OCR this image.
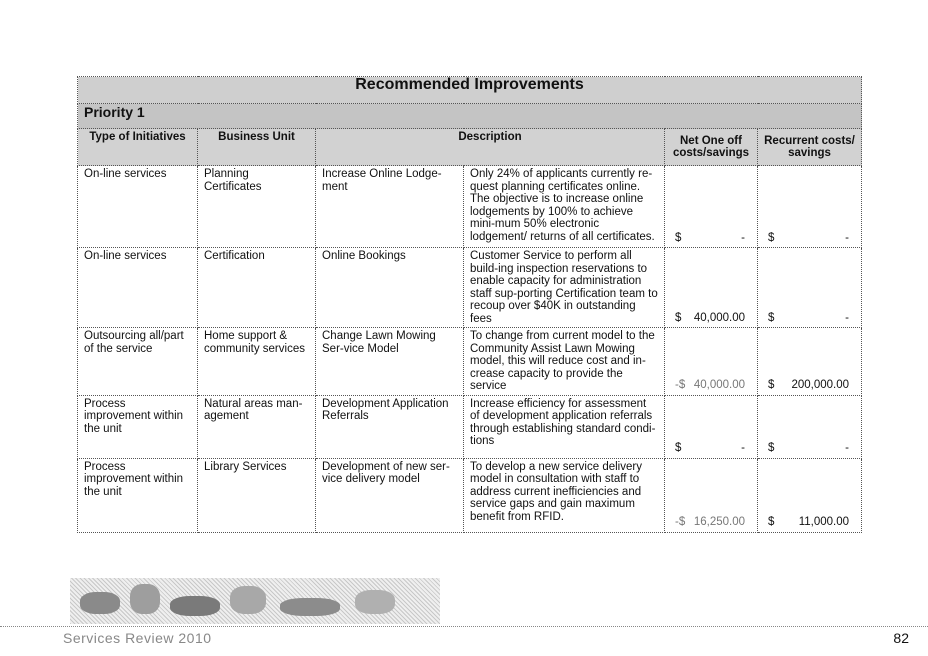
Recommended Improvements					
Priority 1					
Type of Initiatives	Business Unit	Description		Net One off costs/savings	Recurrent costs/ savings
On-line services	Planning Certificates	Increase Online Lodge-ment	Only 24% of applicants currently re-quest planning certificates online. The objective is to increase online lodgements by 100% to achieve mini-mum 50% electronic lodgement/ returns of all certificates.	$ -	$ -

On-line services	Certification	Online Bookings	Customer Service to perform all build-ing inspection reservations to enable capacity for administration staff sup-porting Certification team to recoup over $40K in outstanding fees	$ 40,000.00	$ -

Outsourcing all/part of the service	Home support & community services	Change Lawn Mowing Ser-vice Model	To change from current model to the Community Assist Lawn Mowing model, this will reduce cost and in-crease capacity to provide the service	-$ 40,000.00	$ 200,000.00

Process improvement within the unit	Natural areas man-agement	Development Application Referrals	Increase efficiency for assessment of development application referrals through establishing standard condi-tions	$ -	$ -

Process improvement within the unit	Library Services	Development of new ser-vice delivery model	To develop a new service delivery model in consultation with staff to address current inefficiencies and service gaps and gain maximum benefit from RFID.	-$ 16,250.00	$ 11,000.00
Services Review 2010	82
